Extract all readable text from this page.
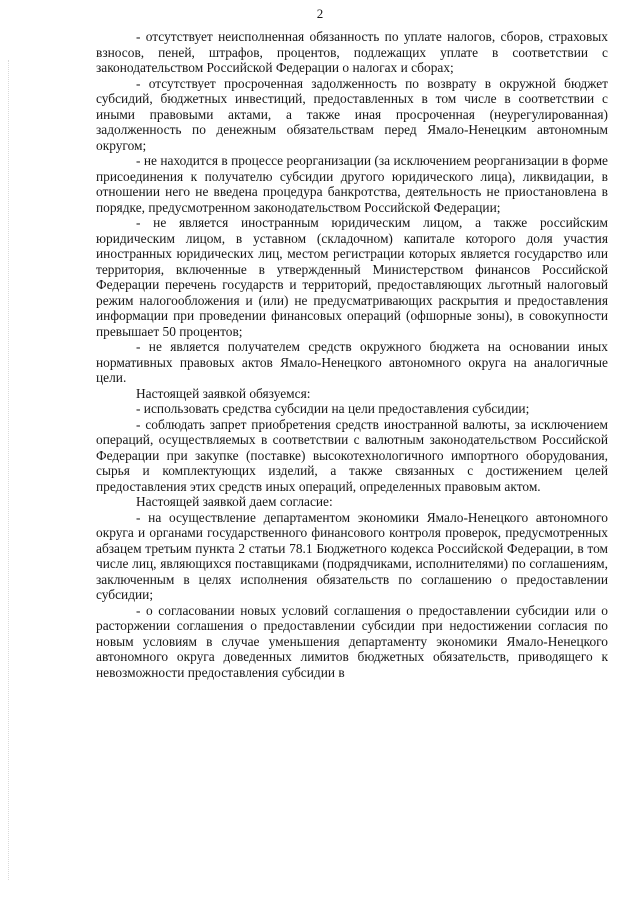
2

- отсутствует неисполненная обязанность по уплате налогов, сборов, страховых взносов, пеней, штрафов, процентов, подлежащих уплате в соответствии с законодательством Российской Федерации о налогах и сборах;

- отсутствует просроченная задолженность по возврату в окружной бюджет субсидий, бюджетных инвестиций, предоставленных в том числе в соответствии с иными правовыми актами, а также иная просроченная (неурегулированная) задолженность по денежным обязательствам перед Ямало-Ненецким автономным округом;

- не находится в процессе реорганизации (за исключением реорганизации в форме присоединения к получателю субсидии другого юридического лица), ликвидации, в отношении него не введена процедура банкротства, деятельность не приостановлена в порядке, предусмотренном законодательством Российской Федерации;

- не является иностранным юридическим лицом, а также российским юридическим лицом, в уставном (складочном) капитале которого доля участия иностранных юридических лиц, местом регистрации которых является государство или территория, включенные в утвержденный Министерством финансов Российской Федерации перечень государств и территорий, предоставляющих льготный налоговый режим налогообложения и (или) не предусматривающих раскрытия и предоставления информации при проведении финансовых операций (офшорные зоны), в совокупности превышает 50 процентов;

- не является получателем средств окружного бюджета на основании иных нормативных правовых актов Ямало-Ненецкого автономного округа на аналогичные цели.

Настоящей заявкой обязуемся:

- использовать средства субсидии на цели предоставления субсидии;

- соблюдать запрет приобретения средств иностранной валюты, за исключением операций, осуществляемых в соответствии с валютным законодательством Российской Федерации при закупке (поставке) высокотехнологичного импортного оборудования, сырья и комплектующих изделий, а также связанных с достижением целей предоставления этих средств иных операций, определенных правовым актом.

Настоящей заявкой даем согласие:

- на осуществление департаментом экономики Ямало-Ненецкого автономного округа и органами государственного финансового контроля проверок, предусмотренных абзацем третьим пункта 2 статьи 78.1 Бюджетного кодекса Российской Федерации, в том числе лиц, являющихся поставщиками (подрядчиками, исполнителями) по соглашениям, заключенным в целях исполнения обязательств по соглашению о предоставлении субсидии;

- о согласовании новых условий соглашения о предоставлении субсидии или о расторжении соглашения о предоставлении субсидии при недостижении согласия по новым условиям в случае уменьшения департаменту экономики Ямало-Ненецкого автономного округа доведенных лимитов бюджетных обязательств, приводящего к невозможности предоставления субсидии в
